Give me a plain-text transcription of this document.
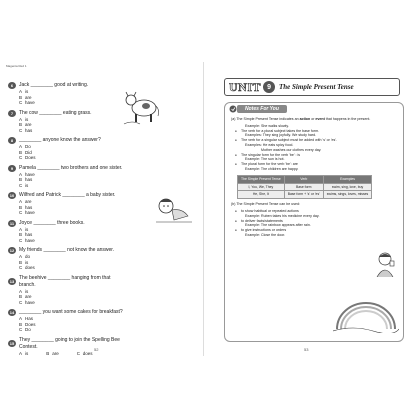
Magenta Red 1
6	Jack ________ good at writing.
A is
B are
C have
7	The cow ________ eating grass.
A is
B are
C has
8	________ anyone know the answer?
A Do
B Did
C Does
9	Pamela ________ two brothers and one sister.
A have
B has
C is
10 Wilfred and Patrick ________ a baby sister.
A are
B has
C have
11 Joyce ________ three books.
A is
B has
C have
12 My friends ________ not know the answer.
A do
B is
C does
13
The beehive ________ hanging from that branch.
A is
B are
C have
14 ________ you want some cakes for breakfast?
A Has
B Does
C Do
15
They ________ going to join the Spelling Bee Contest.
A is	B are	C does
52
UNIT 9	The Simple Present Tense
Notes For You
(a) The Simple Present Tense indicates an action or event that happens in the present.
Example: She walks slowly.
● The verb for a plural subject takes the base form.
Examples: They sing joyfully. We study hard.
● The verb for a singular subject must be added with 's' or 'es'.
Examples: He eats spicy food.
Mother washes our clothes every day.
● The singular form for the verb 'be' : is
Example: The sun is hot.
● The plural form for the verb 'be': are
Example: The children are happy.
The Simple Present Tense	Verb	Examples
I, You, We, They	Base form	swim, sing, love, buy
He, She, It	Base form + 's' or 'es'	swims, sings, loves, misses
(b) The Simple Present Tense can be used:
● to show habitual or repeated actions
Example: Ruben takes his medicine every day.
● to deliver facts/statements
Example: The rainbow appears after rain.
● to give instructions or orders
Example: Close the door.
53
